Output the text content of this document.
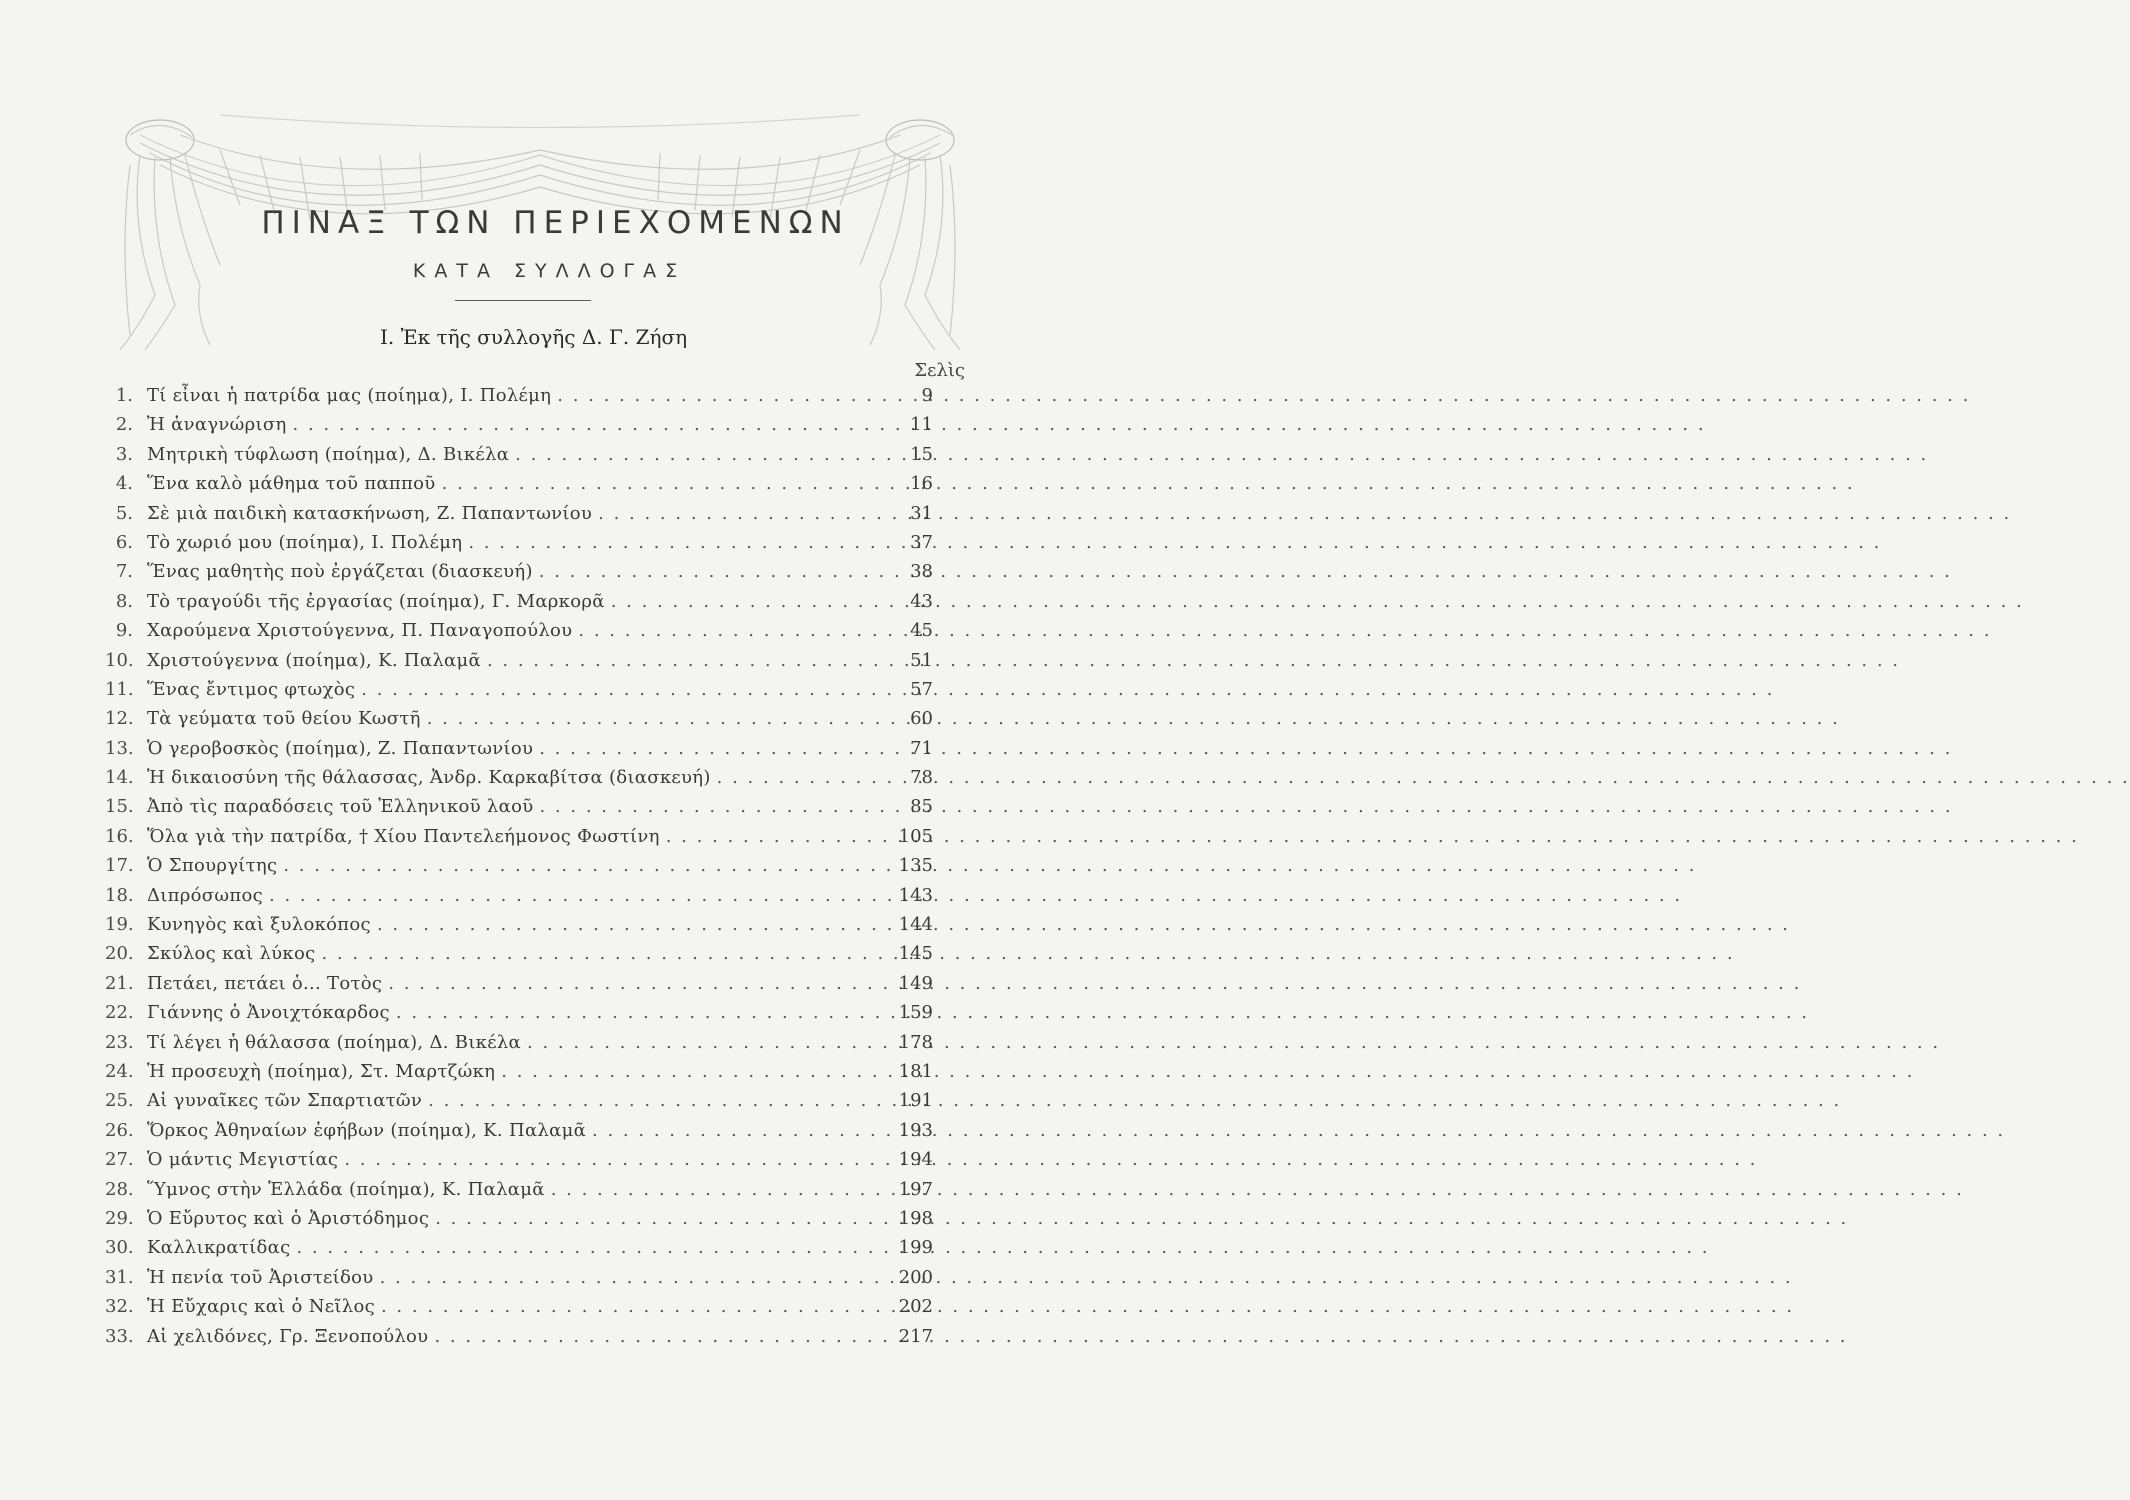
ΠΙΝΑΞ ΤΩΝ ΠΕΡΙΕΧΟΜΕΝΩΝ
ΚΑΤΑ ΣΥΛΛΟΓΑΣ
Ι. Ἐκ τῆς συλλογῆς Δ. Γ. Ζήση
Σελὶς
1. Τί εἶναι ἡ πατρίδα μας (ποίημα), Ι. Πολέμη . . .	9
2. Ἡ ἀναγνώριση . . .	11
3. Μητρικὴ τύφλωση (ποίημα), Δ. Βικέλα . . .	15
4. Ἕνα καλὸ μάθημα τοῦ παπποῦ . . .	16
5. Σὲ μιὰ παιδικὴ κατασκήνωση, Ζ. Παπαντωνίου . . .	31
6. Τὸ χωριό μου (ποίημα), Ι. Πολέμη . . .	37
7. Ἕνας μαθητὴς ποὺ ἐργάζεται (διασκευή) . . .	38
8. Τὸ τραγούδι τῆς ἐργασίας (ποίημα), Γ. Μαρκορᾶ . . .	43
9. Χαρούμενα Χριστούγεννα, Π. Παναγοπούλου . . .	45
10. Χριστούγεννα (ποίημα), Κ. Παλαμᾶ . . .	51
11. Ἕνας ἔντιμος φτωχὸς . . .	57
12. Τὰ γεύματα τοῦ θείου Κωστῆ . . .	60
13. Ὁ γεροβοσκὸς (ποίημα), Ζ. Παπαντωνίου . . .	71
14. Ἡ δικαιοσύνη τῆς θάλασσας, Ἀνδρ. Καρκαβίτσα (διασκευή) . . .	78
15. Ἀπὸ τὶς παραδόσεις τοῦ Ἑλληνικοῦ λαοῦ . . .	85
16. Ὅλα γιὰ τὴν πατρίδα, † Χίου Παντελεήμονος Φωστίνη . . .	105
17. Ὁ Σπουργίτης . . .	135
18. Διπρόσωπος . . .	143
19. Κυνηγὸς καὶ ξυλοκόπος . . .	144
20. Σκύλος καὶ λύκος . . .	145
21. Πετάει, πετάει ὁ... Τοτὸς . . .	149
22. Γιάννης ὁ Ἀνοιχτόκαρδος . . .	159
23. Τί λέγει ἡ θάλασσα (ποίημα), Δ. Βικέλα . . .	178
24. Ἡ προσευχὴ (ποίημα), Στ. Μαρτζώκη . . .	181
25. Αἱ γυναῖκες τῶν Σπαρτιατῶν . . .	191
26. Ὅρκος Ἀθηναίων ἐφήβων (ποίημα), Κ. Παλαμᾶ . . .	193
27. Ὁ μάντις Μεγιστίας . . .	194
28. Ὕμνος στὴν Ἑλλάδα (ποίημα), Κ. Παλαμᾶ . . .	197
29. Ὁ Εὔρυτος καὶ ὁ Ἀριστόδημος . . .	198
30. Καλλικρατίδας . . .	199
31. Ἡ πενία τοῦ Ἀριστείδου . . .	200
32. Ἡ Εὔχαρις καὶ ὁ Νεῖλος . . .	202
33. Αἱ χελιδόνες, Γρ. Ξενοπούλου . . .	217
